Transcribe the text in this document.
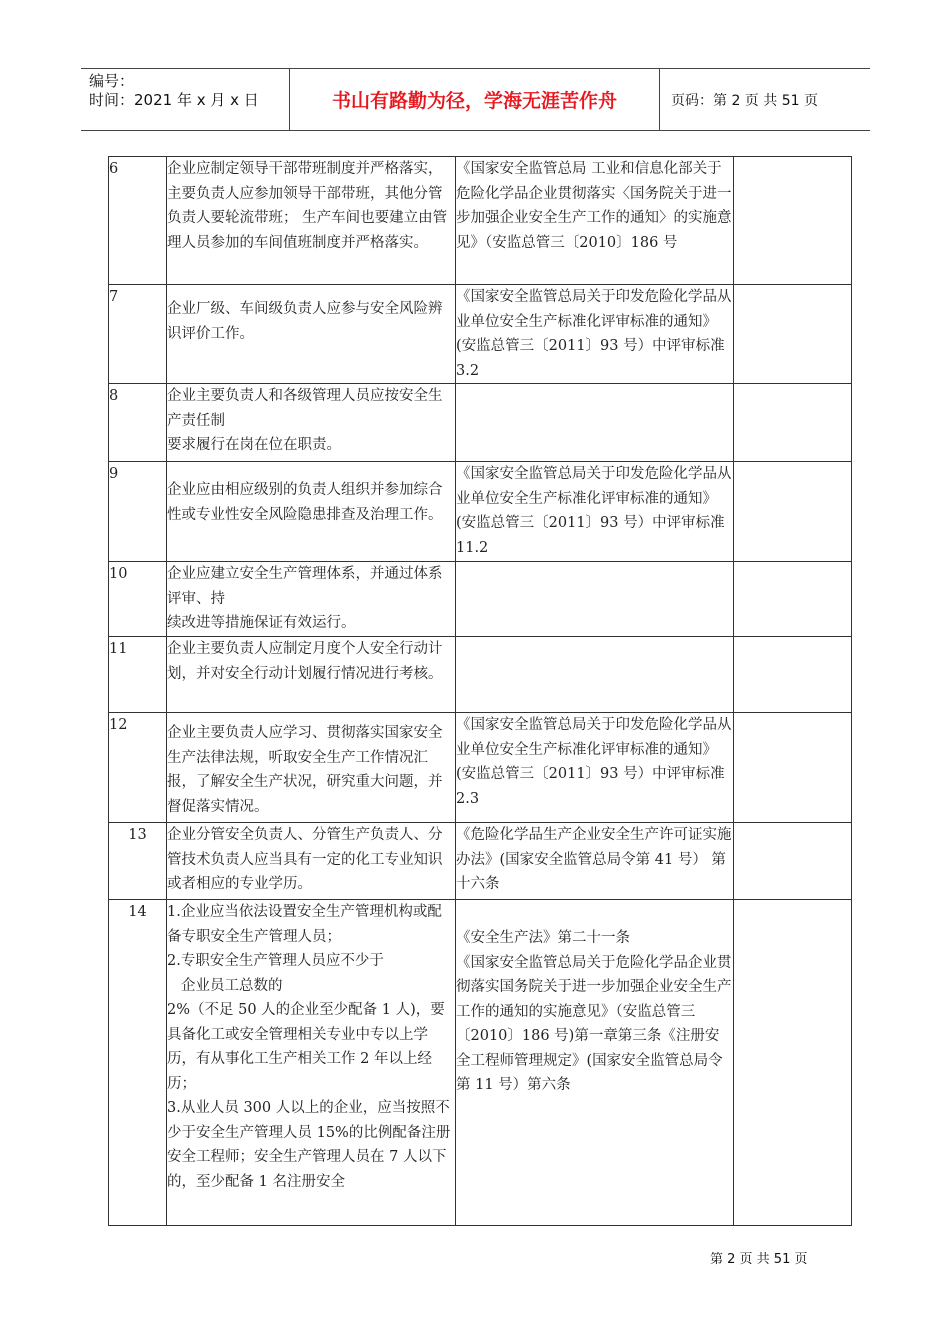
编号：
时间：2021 年 x 月 x 日	书山有路勤为径，学海无涯苦作舟	页码：第 2 页 共 51 页
6	企业应制定领导干部带班制度并严格落实，主要负责人应参加领导干部带班，其他分管负责人要轮流带班； 生产车间也要建立由管理人员参加的车间值班制度并严格落实。	《国家安全监管总局 工业和信息化部关于危险化学品企业贯彻落实〈国务院关于进一步加强企业安全生产工作的通知〉的实施意见》（安监总管三〔2010〕186 号	

7	企业厂级、车间级负责人应参与安全风险辨识评价工作。	《国家安全监管总局关于印发危险化学品从业单位安全生产标准化评审标准的通知》(安监总管三〔2011〕93 号）中评审标准 3.2	

8	企业主要负责人和各级管理人员应按安全生产责任制
要求履行在岗在位在职责。		

9	企业应由相应级别的负责人组织并参加综合性或专业性安全风险隐患排查及治理工作。	《国家安全监管总局关于印发危险化学品从业单位安全生产标准化评审标准的通知》(安监总管三〔2011〕93 号）中评审标准 11.2	

10	企业应建立安全生产管理体系，并通过体系评审、持
续改进等措施保证有效运行。		

11	企业主要负责人应制定月度个人安全行动计划，并对安全行动计划履行情况进行考核。		

12	企业主要负责人应学习、贯彻落实国家安全生产法律法规，听取安全生产工作情况汇报，了解安全生产状况，研究重大问题，并督促落实情况。	《国家安全监管总局关于印发危险化学品从业单位安全生产标准化评审标准的通知》(安监总管三〔2011〕93 号）中评审标准 2.3	

13	企业分管安全负责人、分管生产负责人、分管技术负责人应当具有一定的化工专业知识或者相应的专业学历。	《危险化学品生产企业安全生产许可证实施办法》(国家安全监管总局令第 41 号） 第十六条	

14	1.企业应当依法设置安全生产管理机构或配备专职安全生产管理人员；
2.专职安全生产管理人员应不少于
企业员工总数的
2%（不足 50 人的企业至少配备 1 人)，要具备化工或安全管理相关专业中专以上学历，有从事化工生产相关工作 2 年以上经历；
3.从业人员 300 人以上的企业，应当按照不少于安全生产管理人员 15%的比例配备注册安全工程师；安全生产管理人员在 7 人以下的，至少配备 1 名注册安全	《安全生产法》第二十一条
《国家安全监管总局关于危险化学品企业贯彻落实国务院关于进一步加强企业安全生产工作的通知的实施意见》（安监总管三〔2010〕186 号)第一章第三条《注册安全工程师管理规定》(国家安全监管总局令第 11 号）第六条	

第 2 页 共 51 页
